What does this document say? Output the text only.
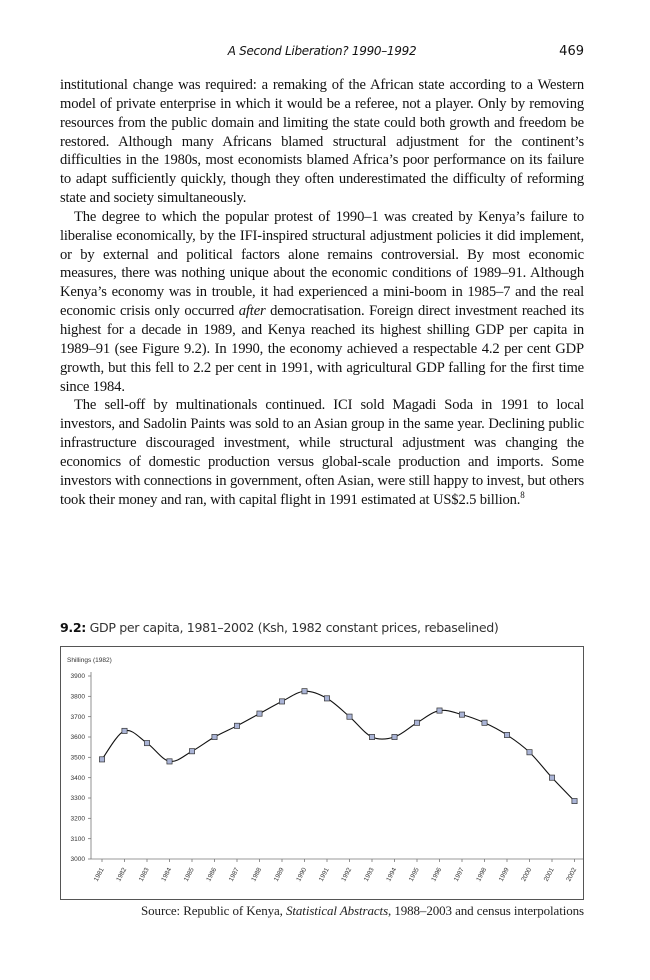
A Second Liberation? 1990–1992	469

institutional change was required: a remaking of the African state according to a Western model of private enterprise in which it would be a referee, not a player. Only by removing resources from the public domain and limiting the state could both growth and freedom be restored. Although many Africans blamed structural adjustment for the continent’s difficulties in the 1980s, most economists blamed Africa’s poor performance on its failure to adapt sufficiently quickly, though they often underestimated the difficulty of reforming state and society simultaneously.

The degree to which the popular protest of 1990–1 was created by Kenya’s failure to liberalise economically, by the IFI-inspired structural adjustment policies it did implement, or by external and political factors alone remains controversial. By most economic measures, there was nothing unique about the economic conditions of 1989–91. Although Kenya’s economy was in trouble, it had experienced a mini-boom in 1985–7 and the real economic crisis only occurred after democratisation. Foreign direct investment reached its highest for a decade in 1989, and Kenya reached its highest shilling GDP per capita in 1989–91 (see Figure 9.2). In 1990, the economy achieved a respectable 4.2 per cent GDP growth, but this fell to 2.2 per cent in 1991, with agricultural GDP falling for the first time since 1984.

The sell-off by multinationals continued. ICI sold Magadi Soda in 1991 to local investors, and Sadolin Paints was sold to an Asian group in the same year. Declining public infrastructure discouraged investment, while structural adjustment was changing the economics of domestic production versus global-scale production and imports. Some investors with connections in government, often Asian, were still happy to invest, but others took their money and ran, with capital flight in 1991 estimated at US$2.5 billion.$^8$

9.2: GDP per capita, 1981–2002 (Ksh, 1982 constant prices, rebaselined)
Shillings (1982)
3000
3100
3200
3300
3400
3500
3600
3700
3800
3900
1981 1982 1983 1984 1985 1986 1987 1988 1989 1990 1991 1992 1993 1994 1995 1996 1997 1998 1999 2000 2001 2002
Source: Republic of Kenya, Statistical Abstracts, 1988–2003 and census interpolations
